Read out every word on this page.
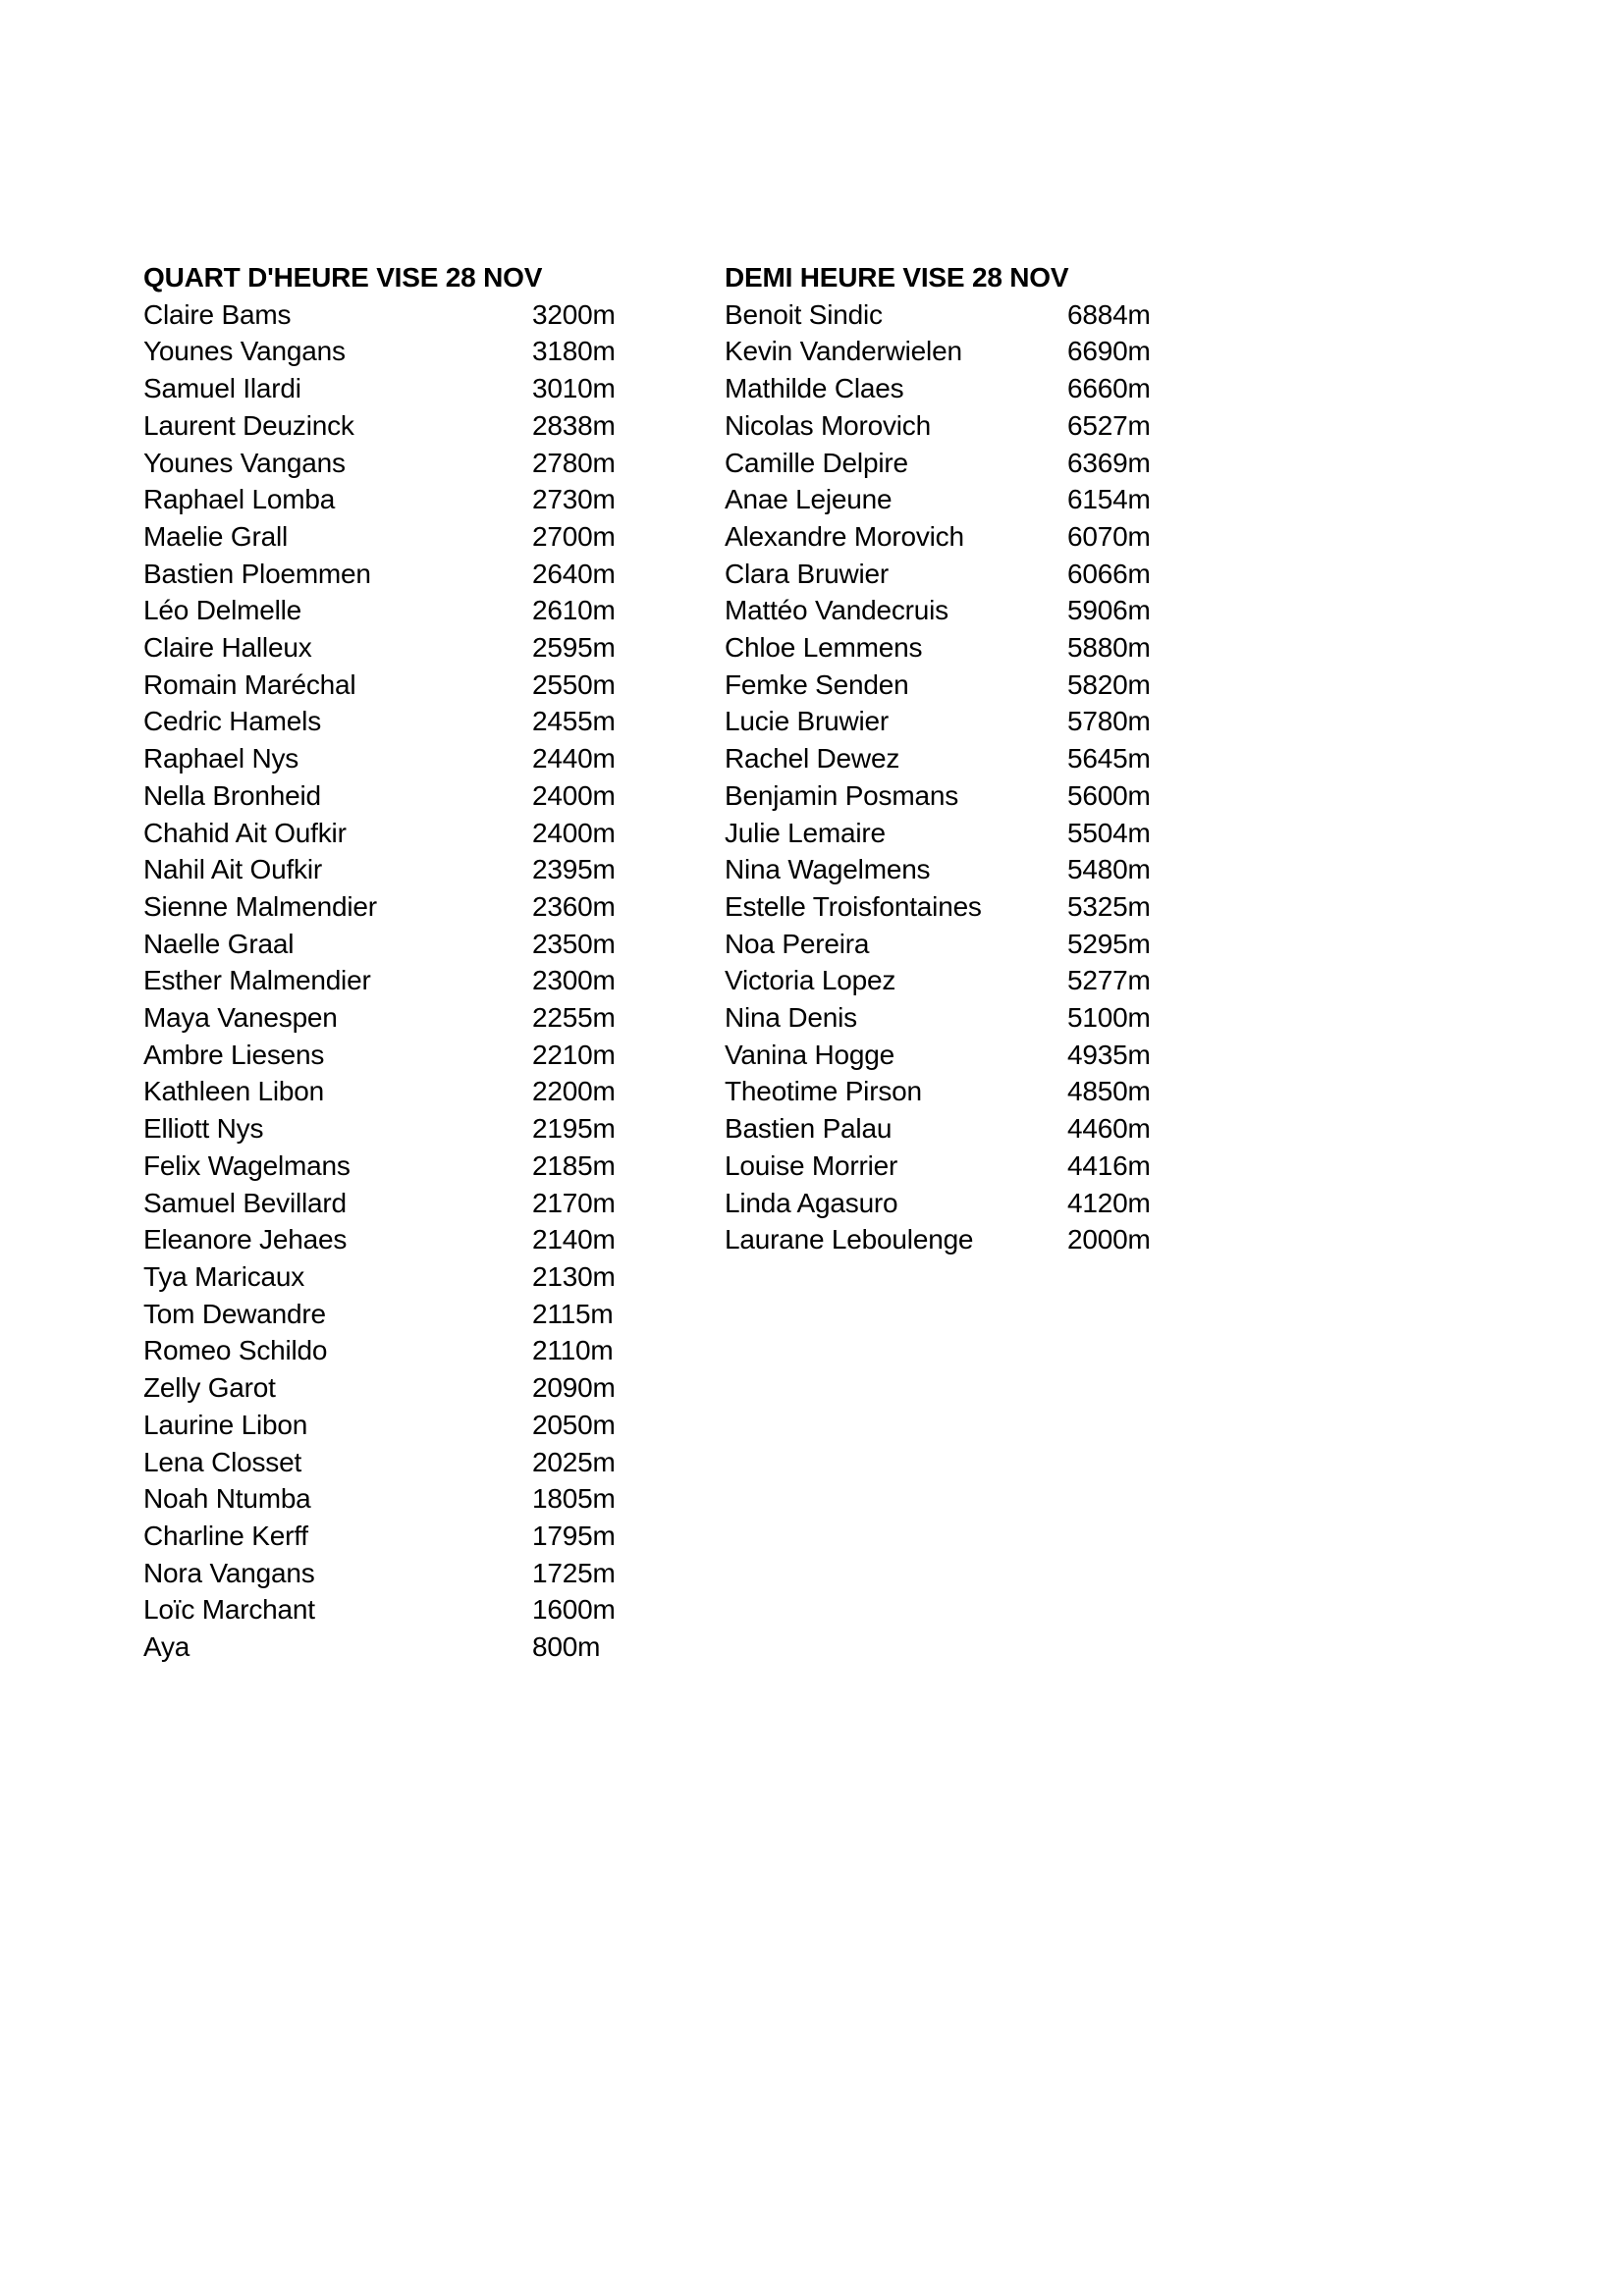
QUART D'HEURE VISE 28 NOV
Claire Bams	3200m
Younes Vangans	3180m
Samuel Ilardi	3010m
Laurent Deuzinck	2838m
Younes Vangans	2780m
Raphael Lomba	2730m
Maelie Grall	2700m
Bastien Ploemmen	2640m
Léo Delmelle	2610m
Claire Halleux	2595m
Romain Maréchal	2550m
Cedric Hamels	2455m
Raphael Nys	2440m
Nella Bronheid	2400m
Chahid Ait Oufkir	2400m
Nahil Ait Oufkir	2395m
Sienne Malmendier	2360m
Naelle Graal	2350m
Esther Malmendier	2300m
Maya Vanespen	2255m
Ambre Liesens	2210m
Kathleen Libon	2200m
Elliott Nys	2195m
Felix Wagelmans	2185m
Samuel Bevillard	2170m
Eleanore Jehaes	2140m
Tya Maricaux	2130m
Tom Dewandre	2115m
Romeo Schildo	2110m
Zelly Garot	2090m
Laurine Libon	2050m
Lena Closset	2025m
Noah Ntumba	1805m
Charline Kerff	1795m
Nora Vangans	1725m
Loïc Marchant	1600m
Aya	800m
DEMI HEURE VISE 28 NOV
Benoit Sindic	6884m
Kevin Vanderwielen	6690m
Mathilde Claes	6660m
Nicolas Morovich	6527m
Camille Delpire	6369m
Anae Lejeune	6154m
Alexandre Morovich	6070m
Clara Bruwier	6066m
Mattéo Vandecruis	5906m
Chloe Lemmens	5880m
Femke Senden	5820m
Lucie Bruwier	5780m
Rachel Dewez	5645m
Benjamin Posmans	5600m
Julie Lemaire	5504m
Nina Wagelmens	5480m
Estelle Troisfontaines	5325m
Noa Pereira	5295m
Victoria Lopez	5277m
Nina Denis	5100m
Vanina Hogge	4935m
Theotime Pirson	4850m
Bastien Palau	4460m
Louise Morrier	4416m
Linda Agasuro	4120m
Laurane Leboulenge	2000m
